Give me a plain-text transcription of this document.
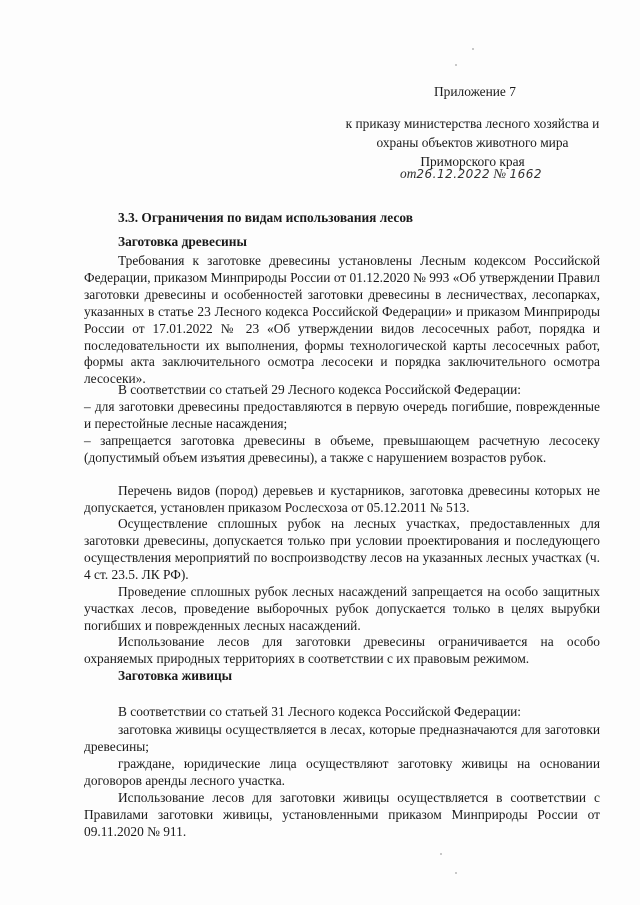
Приложение 7
к приказу министерства лесного хозяйства и
охраны объектов животного мира
Приморского края
от26.12.2022 № 1662
3.3. Ограничения по видам использования лесов
Заготовка древесины

Требования к заготовке древесины установлены Лесным кодексом Российской Федерации, приказом Минприроды России от 01.12.2020 № 993 «Об утверждении Правил заготовки древесины и особенностей заготовки древесины в лесничествах, лесопарках, указанных в статье 23 Лесного кодекса Российской Федерации» и приказом Минприроды России от 17.01.2022 № 23 «Об утверждении видов лесосечных работ, порядка и последовательности их выполнения, формы технологической карты лесосечных работ, формы акта заключительного осмотра лесосеки и порядка заключительного осмотра лесосеки».

В соответствии со статьей 29 Лесного кодекса Российской Федерации:

– для заготовки древесины предоставляются в первую очередь погибшие, поврежденные и перестойные лесные насаждения;

– запрещается заготовка древесины в объеме, превышающем расчетную лесосеку (допустимый объем изъятия древесины), а также с нарушением возрастов рубок.

Перечень видов (пород) деревьев и кустарников, заготовка древесины которых не допускается, установлен приказом Рослесхоза от 05.12.2011 № 513.

Осуществление сплошных рубок на лесных участках, предоставленных для заготовки древесины, допускается только при условии проектирования и последующего осуществления мероприятий по воспроизводству лесов на указанных лесных участках (ч. 4 ст. 23.5. ЛК РФ).

Проведение сплошных рубок лесных насаждений запрещается на особо защитных участках лесов, проведение выборочных рубок допускается только в целях вырубки погибших и поврежденных лесных насаждений.

Использование лесов для заготовки древесины ограничивается на особо охраняемых природных территориях в соответствии с их правовым режимом.

Заготовка живицы

В соответствии со статьей 31 Лесного кодекса Российской Федерации:

заготовка живицы осуществляется в лесах, которые предназначаются для заготовки древесины;

граждане, юридические лица осуществляют заготовку живицы на основании договоров аренды лесного участка.

Использование лесов для заготовки живицы осуществляется в соответствии с Правилами заготовки живицы, установленными приказом Минприроды России от 09.11.2020 № 911.
